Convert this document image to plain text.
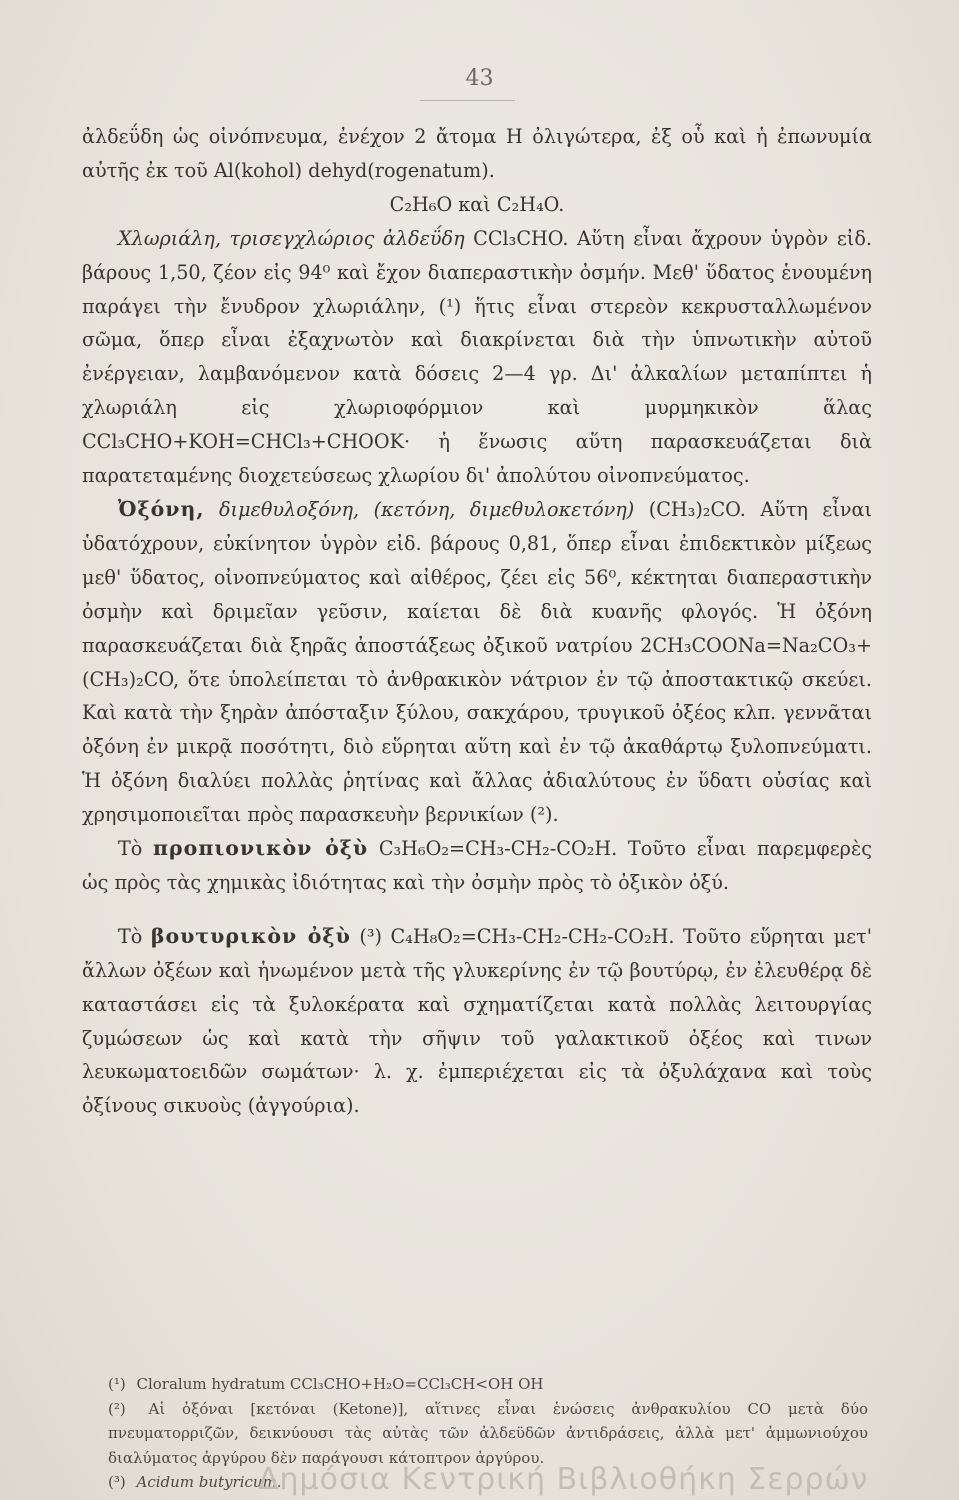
43

ἀλδεΰδη ὡς οἰνόπνευμα, ἐνέχον 2 ἄτομα Η ὀλιγώτερα, ἐξ οὗ καὶ ἡ ἐπωνυμία αὐτῆς ἐκ τοῦ Al(kohol) dehyd(rogenatum).

C₂H₆O καὶ C₂H₄O.

Χλωριάλη, τρισεγχλώριος ἀλδεΰδη CCl₃CHO. Αὕτη εἶναι ἄχρουν ὑγρὸν εἰδ. βάρους 1,50, ζέον εἰς 94⁰ καὶ ἔχον διαπεραστικὴν ὀσμήν. Μεθ' ὕδατος ἑνουμένη παράγει τὴν ἔνυδρον χλωριάλην, (¹) ἥτις εἶναι στερεὸν κεκρυσταλλωμένον σῶμα, ὅπερ εἶναι ἐξαχνωτὸν καὶ διακρίνεται διὰ τὴν ὑπνωτικὴν αὐτοῦ ἐνέργειαν, λαμβανόμενον κατὰ δόσεις 2—4 γρ. Δι' ἀλκαλίων μεταπίπτει ἡ χλωριάλη εἰς χλωριοφόρμιον καὶ μυρμηκικὸν ἅλας CCl₃CHO+KOH=CHCl₃+CHOOK· ἡ ἕνωσις αὕτη παρασκευάζεται διὰ παρατεταμένης διοχετεύσεως χλωρίου δι' ἀπολύτου οἰνοπνεύματος.

Ὀξόνη, διμεθυλοξόνη, (κετόνη, διμεθυλοκετόνη) (CH₃)₂CO. Αὕτη εἶναι ὑδατόχρουν, εὐκίνητον ὑγρὸν εἰδ. βάρους 0,81, ὅπερ εἶναι ἐπιδεκτικὸν μίξεως μεθ' ὕδατος, οἰνοπνεύματος καὶ αἰθέρος, ζέει εἰς 56⁰, κέκτηται διαπεραστικὴν ὀσμὴν καὶ δριμεῖαν γεῦσιν, καίεται δὲ διὰ κυανῆς φλογός. Ἡ ὀξόνη παρασκευάζεται διὰ ξηρᾶς ἀποστάξεως ὀξικοῦ νατρίου 2CH₃COONa=Na₂CO₃+(CH₃)₂CO, ὅτε ὑπολείπεται τὸ ἀνθρακικὸν νάτριον ἐν τῷ ἀποστακτικῷ σκεύει. Καὶ κατὰ τὴν ξηρὰν ἀπόσταξιν ξύλου, σακχάρου, τρυγικοῦ ὀξέος κλπ. γεννᾶται ὀξόνη ἐν μικρᾷ ποσότητι, διὸ εὕρηται αὕτη καὶ ἐν τῷ ἀκαθάρτῳ ξυλοπνεύματι. Ἡ ὀξόνη διαλύει πολλὰς ῥητίνας καὶ ἄλλας ἀδιαλύτους ἐν ὕδατι οὐσίας καὶ χρησιμοποιεῖται πρὸς παρασκευὴν βερνικίων (²).

Τὸ προπιονικὸν ὀξὺ C₃H₆O₂=CH₃-CH₂-CO₂H. Τοῦτο εἶναι παρεμφερὲς ὡς πρὸς τὰς χημικὰς ἰδιότητας καὶ τὴν ὀσμὴν πρὸς τὸ ὀξικὸν ὀξύ.

Τὸ βουτυρικὸν ὀξὺ (³) C₄H₈O₂=CH₃-CH₂-CH₂-CO₂H. Τοῦτο εὕρηται μετ' ἄλλων ὀξέων καὶ ἡνωμένον μετὰ τῆς γλυκερίνης ἐν τῷ βουτύρῳ, ἐν ἐλευθέρᾳ δὲ καταστάσει εἰς τὰ ξυλοκέρατα καὶ σχηματίζεται κατὰ πολλὰς λειτουργίας ζυμώσεων ὡς καὶ κατὰ τὴν σῆψιν τοῦ γαλακτικοῦ ὀξέος καὶ τινων λευκωματοειδῶν σωμάτων· λ. χ. ἐμπεριέχεται εἰς τὰ ὀξυλάχανα καὶ τοὺς ὀξίνους σικυοὺς (ἀγγούρια).

(¹) Cloralum hydratum CCl₃CHO+H₂O=CCl₃CH<OH OH

(²) Αἱ ὀξόναι [κετόναι (Ketone)], αἵτινες εἶναι ἑνώσεις ἀνθρακυλίου CO μετὰ δύο πνευματορριζῶν, δεικνύουσι τὰς αὐτὰς τῶν ἀλδεϋδῶν ἀντιδράσεις, ἀλλὰ μετ' ἀμμωνιούχου διαλύματος ἀργύρου δὲν παράγουσι κάτοπτρον ἀργύρου.

(³) Acidum butyricum.

Δημόσια Κεντρική Βιβλιοθήκη Σερρών
